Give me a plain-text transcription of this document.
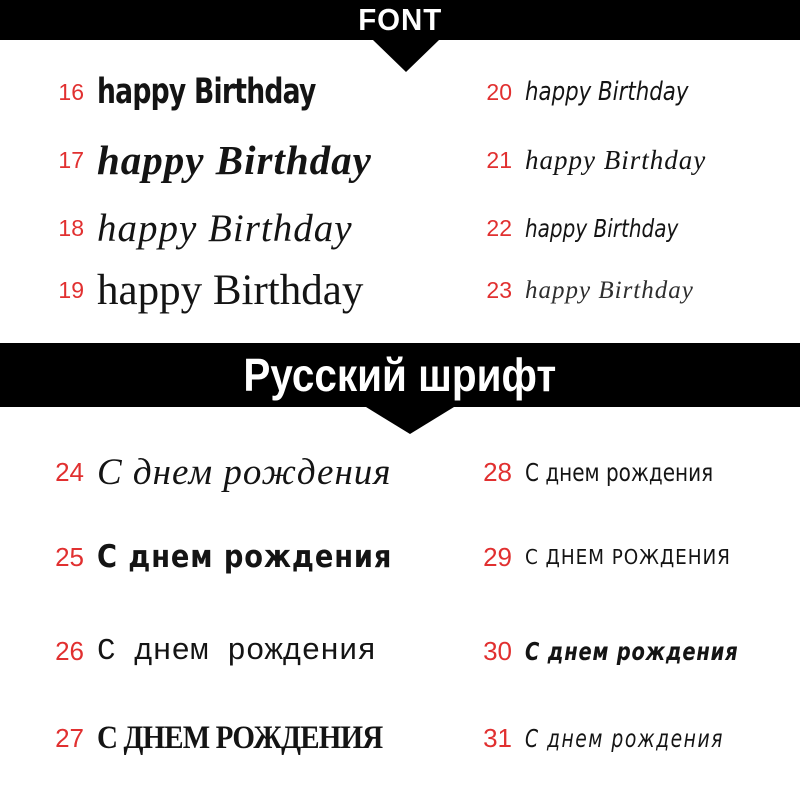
FONT
16 happy Birthday
17 happy Birthday
18 happy Birthday
19 happy Birthday
20 happy Birthday
21 happy Birthday
22 happy Birthday
23 happy Birthday
Русский шрифт
24 С днем рождения
25 С днем рождения
26 С днем рождения
27 С ДНЕМ РОЖДЕНИЯ
28 С днем рождения
29 С ДНЕМ РОЖДЕНИЯ
30 С днем рождения
31 С днем рождения
